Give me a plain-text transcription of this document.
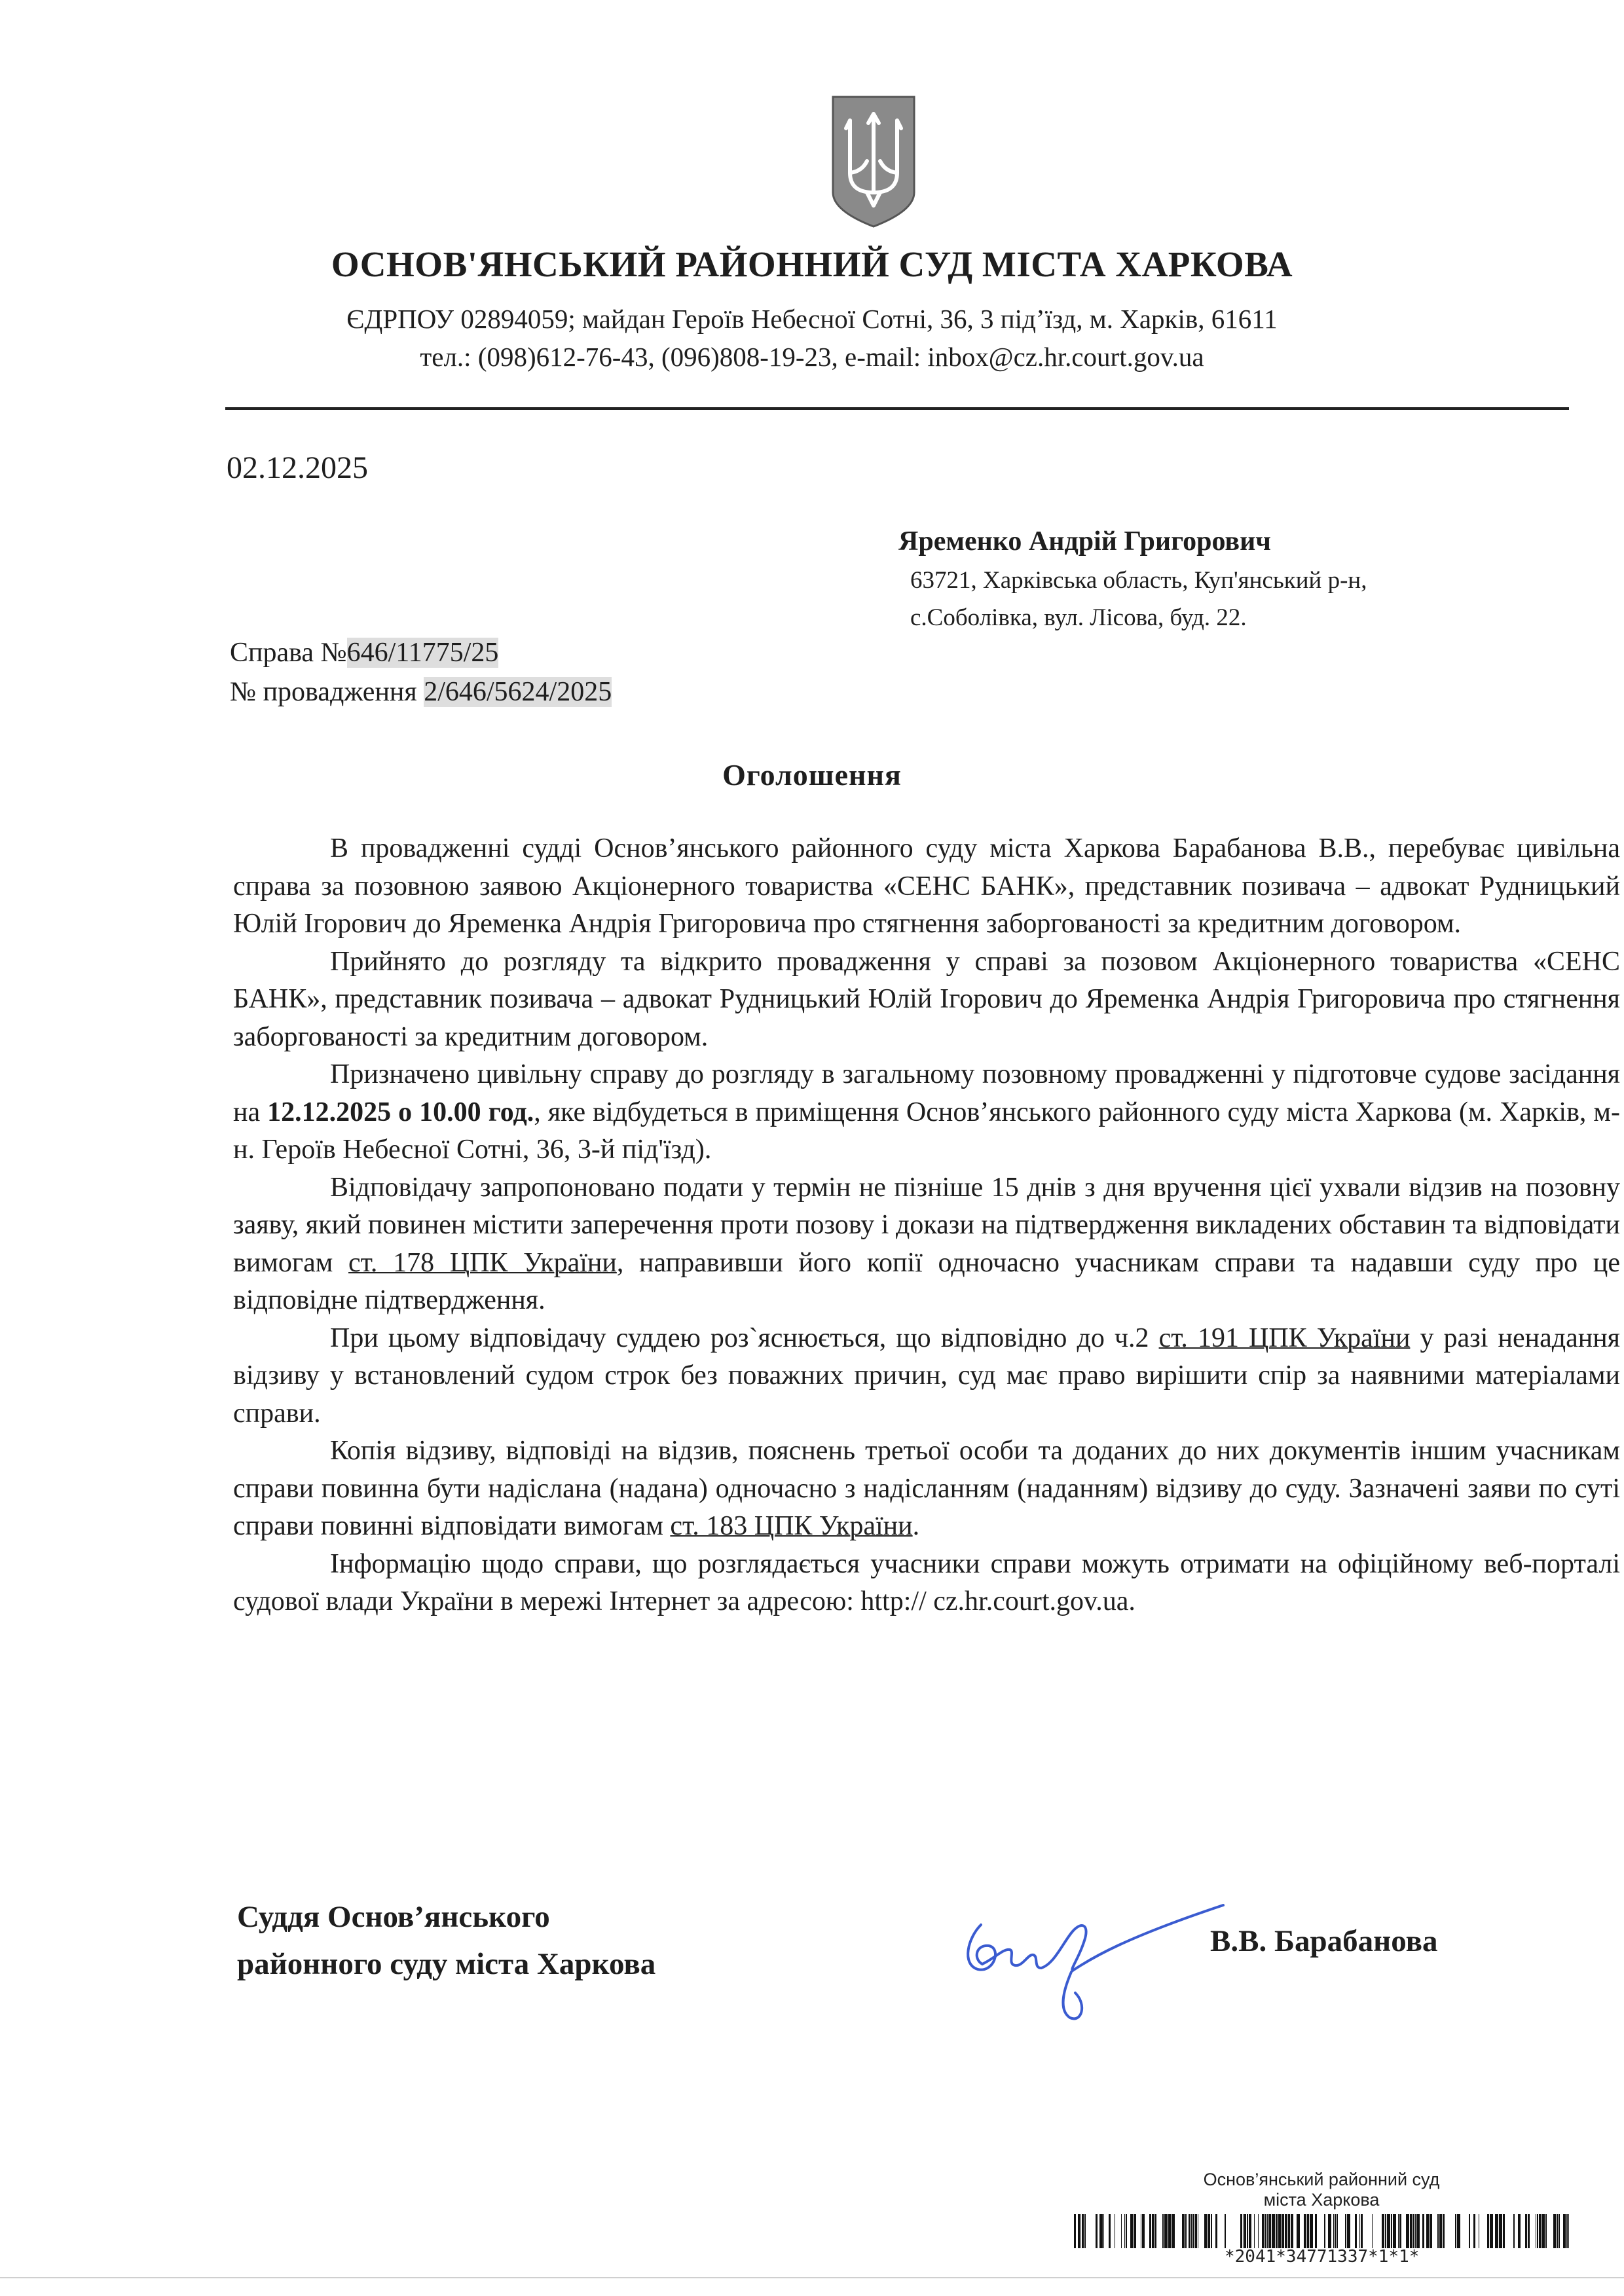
ОСНОВ'ЯНСЬКИЙ РАЙОННИЙ СУД МІСТА ХАРКОВА
ЄДРПОУ 02894059; майдан Героїв Небесної Сотні, 36, 3 під’їзд, м. Харків, 61611
тел.: (098)612-76-43, (096)808-19-23, e-mail: inbox@cz.hr.court.gov.ua
02.12.2025
Яременко Андрій Григорович
63721, Харківська область, Куп'янський р-н,
с.Соболівка, вул. Лісова, буд. 22.
Справа №646/11775/25
№ провадження 2/646/5624/2025
Оголошення

В провадженні судді Основ’янського районного суду міста Харкова Барабанова В.В., перебуває цивільна справа за позовною заявою Акціонерного товариства «СЕНС БАНК», представник позивача – адвокат Рудницький Юлій Ігорович до Яременка Андрія Григоровича про стягнення заборгованості за кредитним договором.

Прийнято до розгляду та відкрито провадження у справі за позовом Акціонерного товариства «СЕНС БАНК», представник позивача – адвокат Рудницький Юлій Ігорович до Яременка Андрія Григоровича про стягнення заборгованості за кредитним договором.

Призначено цивільну справу до розгляду в загальному позовному провадженні у підготовче судове засідання на 12.12.2025 о 10.00 год., яке відбудеться в приміщення Основ’янського районного суду міста Харкова (м. Харків, м-н. Героїв Небесної Сотні, 36, 3-й під'їзд).

Відповідачу запропоновано подати у термін не пізніше 15 днів з дня вручення цієї ухвали відзив на позовну заяву, який повинен містити заперечення проти позову і докази на підтвердження викладених обставин та відповідати вимогам ст. 178 ЦПК України, направивши його копії одночасно учасникам справи та надавши суду про це відповідне підтвердження.

При цьому відповідачу суддею роз`яснюється, що відповідно до ч.2 ст. 191 ЦПК України у разі ненадання відзиву у встановлений судом строк без поважних причин, суд має право вирішити спір за наявними матеріалами справи.

Копія відзиву, відповіді на відзив, пояснень третьої особи та доданих до них документів іншим учасникам справи повинна бути надіслана (надана) одночасно з надісланням (наданням) відзиву до суду. Зазначені заяви по суті справи повинні відповідати вимогам ст. 183 ЦПК України.

Інформацію щодо справи, що розглядається учасники справи можуть отримати на офіційному веб-порталі судової влади України в мережі Інтернет за адресою: http:// cz.hr.court.gov.ua.

Суддя Основ’янського
районного суду міста Харкова
В.В. Барабанова
Основ’янський районний суд
міста Харкова
*2041*34771337*1*1*
